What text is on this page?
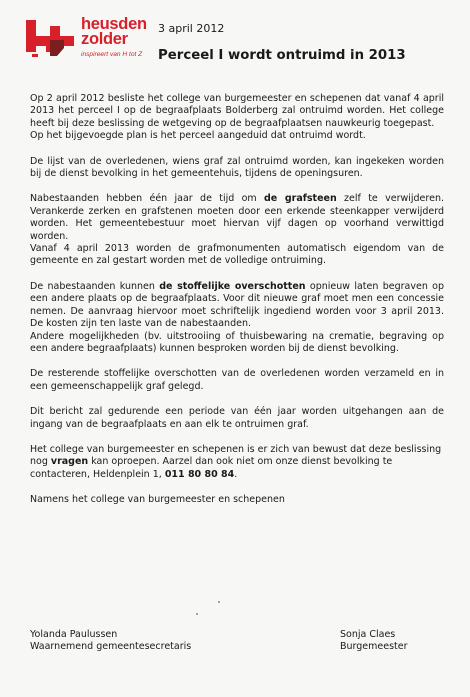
heusden
zolder
inspireert van H tot Z
3 april 2012
Perceel I wordt ontruimd in 2013

Op 2 april 2012 besliste het college van burgemeester en schepenen dat vanaf 4 april 2013 het perceel I op de begraafplaats Bolderberg zal ontruimd worden. Het college heeft bij deze beslissing de wetgeving op de begraafplaatsen nauwkeurig toegepast.
Op het bijgevoegde plan is het perceel aangeduid dat ontruimd wordt.

De lijst van de overledenen, wiens graf zal ontruimd worden, kan ingekeken worden bij de dienst bevolking in het gemeentehuis, tijdens de openingsuren.

Nabestaanden hebben één jaar de tijd om de grafsteen zelf te verwijderen. Verankerde zerken en grafstenen moeten door een erkende steenkapper verwijderd worden. Het gemeentebestuur moet hiervan vijf dagen op voorhand verwittigd worden.
Vanaf 4 april 2013 worden de grafmonumenten automatisch eigendom van de gemeente en zal gestart worden met de volledige ontruiming.

De nabestaanden kunnen de stoffelijke overschotten opnieuw laten begraven op een andere plaats op de begraafplaats. Voor dit nieuwe graf moet men een concessie nemen. De aanvraag hiervoor moet schriftelijk ingediend worden voor 3 april 2013. De kosten zijn ten laste van de nabestaanden.
Andere mogelijkheden (bv. uitstrooiing of thuisbewaring na crematie, begraving op een andere begraafplaats) kunnen besproken worden bij de dienst bevolking.

De resterende stoffelijke overschotten van de overledenen worden verzameld en in een gemeenschappelijk graf gelegd.

Dit bericht zal gedurende een periode van één jaar worden uitgehangen aan de ingang van de begraafplaats en aan elk te ontruimen graf.

Het college van burgemeester en schepenen is er zich van bewust dat deze beslissing nog vragen kan oproepen. Aarzel dan ook niet om onze dienst bevolking te contacteren, Heldenplein 1, 011 80 80 84.

Namens het college van burgemeester en schepenen

Yolanda Paulussen
Waarnemend gemeentesecretaris
Sonja Claes
Burgemeester
